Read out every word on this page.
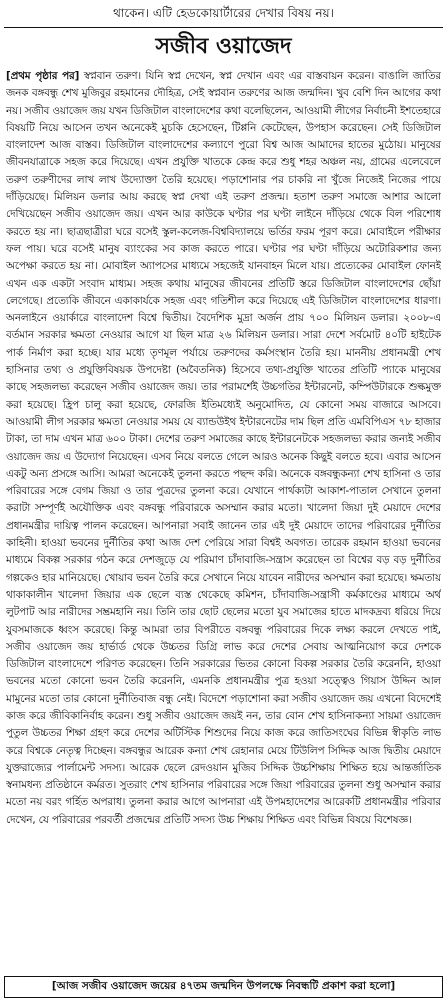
থাকেন। এটি হেডকোয়ার্টারের দেখার বিষয় নয়।
সজীব ওয়াজেদ
[প্রথম পৃষ্ঠার পর] স্বপ্নবান তরুণ। যিনি স্বপ্ন দেখেন, স্বপ্ন দেখান এবং এর বাস্তবায়ন করেন। বাঙালি জাতির জনক বঙ্গবন্ধু শেখ মুজিবুর রহমানের দৌহিত্র, সেই স্বপ্নবান তরুণের আজ জন্মদিন। খুব বেশি দিন আগের কথা নয়। সজীব ওয়াজেদ জয় যখন ডিজিটাল বাংলাদেশের কথা বলেছিলেন, আওয়ামী লীগের নির্বাচনী ইশতেহারে বিষয়টি নিয়ে আসেন তখন অনেকেই মুচকি হেসেছেন, টিপ্পনি কেটেছেন, উপহাস করেছেন। সেই ডিজিটাল বাংলাদেশ আজ বাস্তব। ডিজিটাল বাংলাদেশের কল্যাণে পুরো বিশ্ব আজ আমাদের হাতের মুঠোয়। মানুষের জীবনযাত্রাকে সহজ করে দিয়েছে। এখন প্রযুক্তি খাতকে কেন্দ্র করে শুধু শহর অঞ্চল নয়, গ্রামের এলেবেলে তরুণ তরুণীদের লাখ লাখ উদ্যোক্তা তৈরি হয়েছে। পড়াশোনার পর চাকরি না খুঁজে নিজেই নিজের পায়ে দাঁড়িয়েছে। মিলিয়ন ডলার আয় করছে স্বপ্ন দেখা এই তরুণ প্রজন্ম। হতাশ তরুণ সমাজে আশার আলো দেখিয়েছেন সজীব ওয়াজেদ জয়। এখন আর কাউকে ঘণ্টার পর ঘণ্টা লাইনে দাঁড়িয়ে থেকে বিল পরিশোধ করতে হয় না। ছাত্রছাত্রীরা ঘরে বসেই স্কুল-কলেজ-বিশ্ববিদ্যালয়ে ভর্তির ফরম পূরণ করে। মোবাইলে পরীক্ষার ফল পায়। ঘরে বসেই মানুষ ব্যাংকের সব কাজ করতে পারে। ঘণ্টার পর ঘণ্টা দাঁড়িয়ে অটোরিকশার জন্য অপেক্ষা করতে হয় না। মোবাইল অ্যাপসের মাধ্যমে সহজেই যানবাহন মিলে যায়। প্রত্যেকের মোবাইল ফোনই এখন এক একটা সংবাদ মাধ্যম। সহজ কথায় মানুষের জীবনের প্রতিটি স্তরে ডিজিটাল বাংলাদেশের ছোঁয়া লেগেছে। প্রত্যেকি জীবনে একাকার্যকে সহজ এবং গতিশীল করে দিয়েছে এই ডিজিটাল বাংলাদেশের ধারণা। অনলাইনে ওয়ার্কারে বাংলাদেশ বিশ্বে দ্বিতীয়। বৈদেশিক মুদ্রা অর্জন প্রায় ৭০০ মিলিয়ন ডলার। ২০০৮-এ বর্তমান সরকার ক্ষমতা নেওয়ার আগে যা ছিল মাত্র ২৬ মিলিয়ন ডলার। সারা দেশে সর্বমোট ৪০টি হাইটেক পার্ক নির্মাণ করা হচ্ছে। যার মধ্যে তৃণমূল পর্যায়ে তরুণদের কর্মসংস্থান তৈরি হয়। মাননীয় প্রধানমন্ত্রী শেখ হাসিনার তথ্য ও প্রযুক্তিবিষয়ক উপদেষ্টা (অবৈতনিক) হিসেবে তথ্য-প্রযুক্তি খাতের প্রতিটি প্যাকে মানুষের কাছে সহজলভ্য করেছেন সজীব ওয়াজেদ জয়। তার পরামর্শেই উচ্চগতির ইন্টারনেট, কম্পিউটারকে শুল্কমুক্ত করা হয়েছে। হ্রিপ চালু করা হয়েছে, ফোরজি ইতিমধ্যেই অনুমোদিত, যে কোনো সময় বাজারে আসবে। আওয়ামী লীগ সরকার ক্ষমতা নেওয়ার সময় যে ব্যান্ডউইথ ইন্টারনেটের দাম ছিল প্রতি এমবিপিএস ৭৮ হাজার টাকা, তা দাম এখন মাত্র ৬০০ টাকা। দেশের তরুণ সমাজের কাছে ইন্টারনেটকে সহজলভ্য করার জন্যই সজীব ওয়াজেদ জয় এ উদ্যোগ নিয়েছেন। এসব নিয়ে বলতে গেলে আরও অনেক কিছুই বলতে হবে। এবার আসেন একটু অন্য প্রসঙ্গে আসি। আমরা অনেকেই তুলনা করতে পছন্দ করি। অনেকে বঙ্গবন্ধুকন্যা শেখ হাসিনা ও তার পরিবারের সঙ্গে বেগম জিয়া ও তার পুত্রদের তুলনা করে। যেখানে পার্থক্যটা আকাশ-পাতাল সেখানে তুলনা করাটা সম্পূর্ণই অযৌক্তিক এবং বঙ্গবন্ধু পরিবারকে অসম্মান করার মতো। খালেদা জিয়া দুই মেয়াদে দেশের প্রধানমন্ত্রীর দায়িত্ব পালন করেছেন। আপনারা সবাই জানেন তার এই দুই মেয়াদে তাদের পরিবারের দুর্নীতির কাহিনী। হাওয়া ভবনের দুর্নীতির কথা আজ দেশ পেরিয়ে সারা বিশ্বই অবগত। তারেক রহমান হাওয়া ভবনের মাধ্যমে বিকল্প সরকার গঠন করে দেশজুড়ে যে পরিমাণ চাঁদাবাজি-সন্ত্রাস করেছেন তা বিশ্বের বড় বড় দুর্নীতির গল্পকেও হার মানিয়েছে। খোয়াব ভবন তৈরি করে সেখানে নিয়ে যাবেন নারীদের অসম্মান করা হয়েছে। ক্ষমতায় থাকাকালীন খালেদা জিয়ার এক ছেলে ব্যস্ত থেকেছে কমিশন, চাঁদাবাজি-সন্ত্রাসী কর্মকাণ্ডের মাধ্যমে অর্থ লুটপাট আর নারীদের সম্ভ্রমহানি নয়। তিনি তার ছোট ছেলের মতো যুব সমাজের হাতে মাদকদ্রব্য ধরিয়ে দিয়ে যুবসমাজকে ধ্বংস করেছে। কিন্তু আমরা তার বিপরীতে বঙ্গবন্ধু পরিবারের দিকে লক্ষ্য করলে দেখতে পাই, সজীব ওয়াজেদ জয় হার্ভার্ড থেকে উচ্চতর ডিগ্রি লাভ করে দেশের সেবায় আত্মনিয়োগ করে দেশকে ডিজিটাল বাংলাদেশে পরিণত করেছেন। তিনি সরকারের ভিতর কোনো বিকল্প সরকার তৈরি করেননি, হাওয়া ভবনের মতো কোনো ভবন তৈরি করেননি, এমনকি প্রধানমন্ত্রীর পুত্র হওয়া সত্ত্বেও গিয়াস উদ্দিন আল মামুনের মতো তার কোনো দুর্নীতিবাজ বন্ধু নেই। বিদেশে পড়াশোনা করা সজীব ওয়াজেদ জয় এখনো বিদেশেই কাজ করে জীবিকানির্বাহ করেন। শুধু সজীব ওয়াজেদ জয়ই নন, তার বোন শেখ হাসিনাকন্যা সায়মা ওয়াজেদ পুতুল উচ্চতর শিক্ষা গ্রহণ করে দেশের অটিস্টিক শিশুদের নিয়ে কাজ করে জাতিসংঘের বিভিন্ন স্বীকৃতি লাভ করে বিশ্বকে নেতৃত্ব দিচ্ছেন। বঙ্গবন্ধুর আরেক কন্যা শেখ রেহানার মেয়ে টিউলিপ সিদ্দিক আজ দ্বিতীয় মেয়াদে যুক্তরাজ্যের পার্লামেন্ট সদস্য। আরেক ছেলে রেদওয়ান মুজিব সিদ্দিক উচ্চশিক্ষায় শিক্ষিত হয়ে আন্তর্জাতিক স্বনামধন্য প্রতিষ্ঠানে কর্মরত। সুতরাং শেখ হাসিনার পরিবারের সঙ্গে জিয়া পরিবারের তুলনা শুধু অসম্মান করার মতো নয় বরং গর্হিত অপরাধ। তুলনা করার আগে আপনারা এই উপমহাদেশের আরেকটি প্রধানমন্ত্রীর পরিবার দেখেন, যে পরিবারের পরবর্তী প্রজন্মের প্রতিটি সদস্য উচ্চ শিক্ষায় শিক্ষিত এবং বিভিন্ন বিষয়ে বিশেষজ্ঞ।
[আজ সজীব ওয়াজেদ জয়ের ৪৭তম জন্মদিন উপলক্ষে নিবন্ধটি প্রকাশ করা হলো]
